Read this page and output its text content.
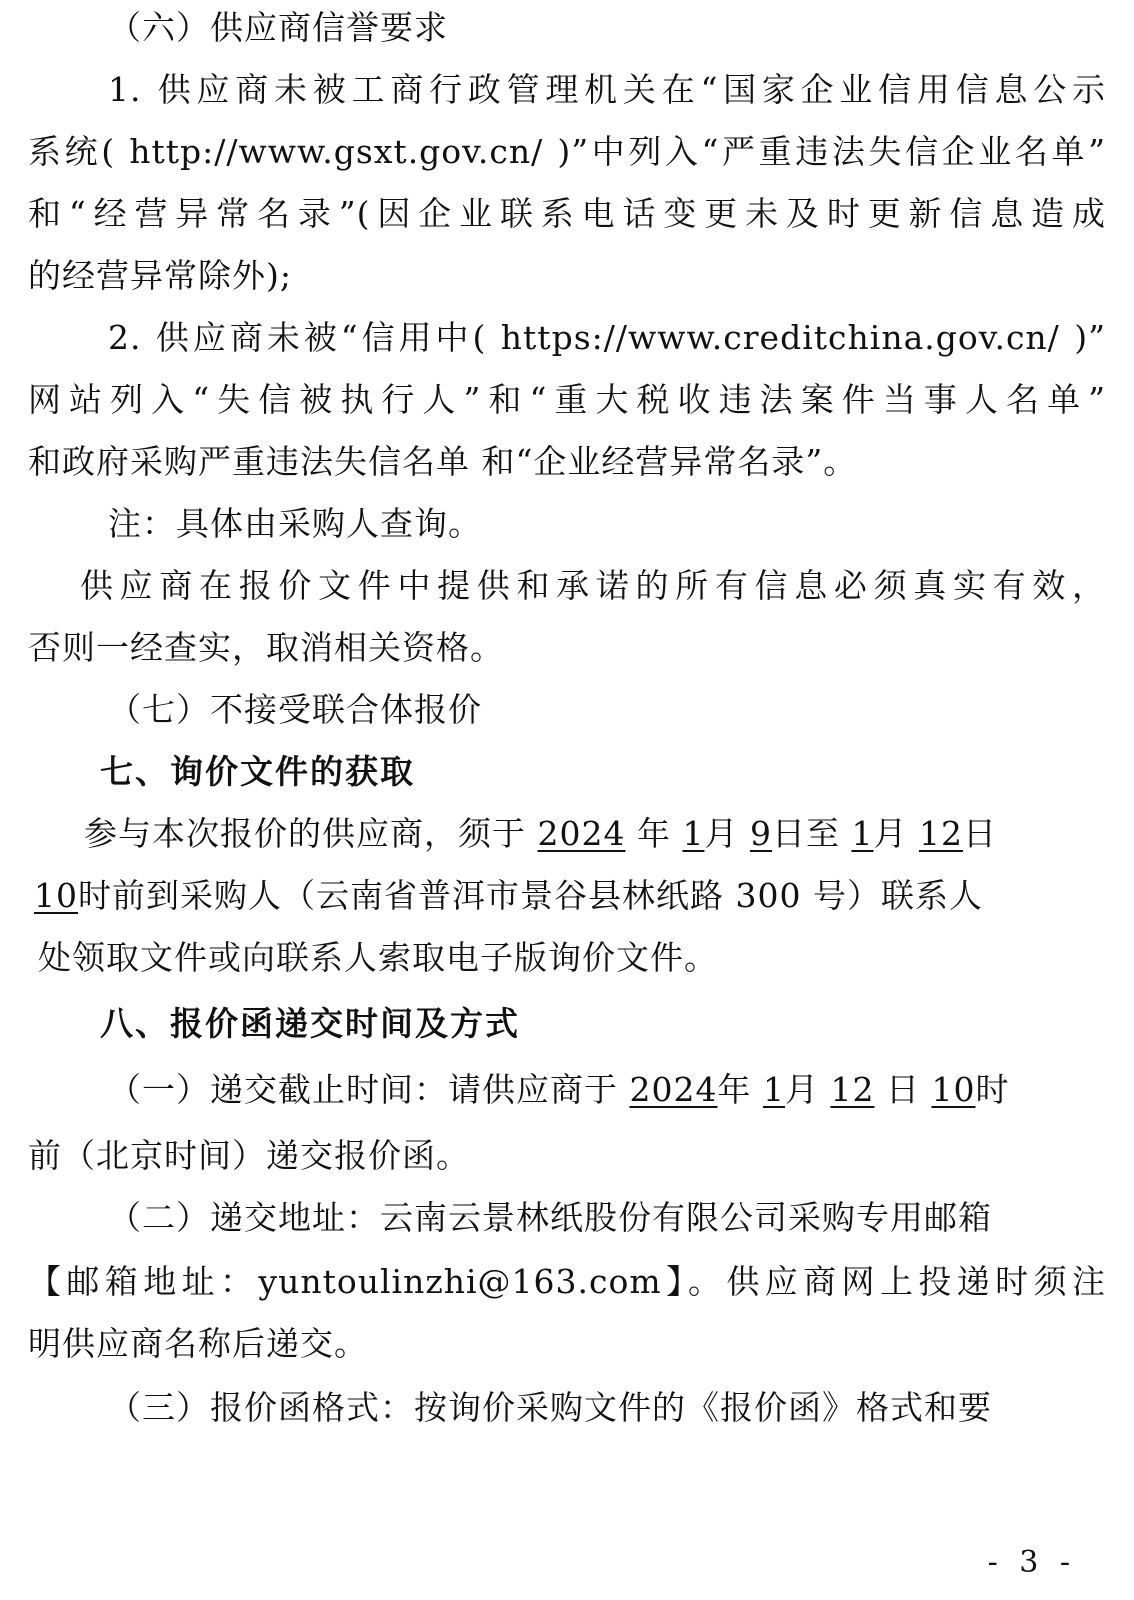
（六）供应商信誉要求
1. 供应商未被工商行政管理机关在“国家企业信用信息公示
系统( http://www.gsxt.gov.cn/ )”中列入“严重违法失信企业名单”
和“经营异常名录”(因企业联系电话变更未及时更新信息造成
的经营异常除外);
2. 供应商未被“信用中( https://www.creditchina.gov.cn/ )”
网站列入“失信被执行人”和“重大税收违法案件当事人名单”
和政府采购严重违法失信名单 和“企业经营异常名录”。
注：具体由采购人查询。
供应商在报价文件中提供和承诺的所有信息必须真实有效，
否则一经查实，取消相关资格。
（七）不接受联合体报价
七、询价文件的获取
参与本次报价的供应商，须于 2024 年 1月 9日至 1月 12日
10时前到采购人（云南省普洱市景谷县林纸路 300 号）联系人
处领取文件或向联系人索取电子版询价文件。
八、报价函递交时间及方式
（一）递交截止时间：请供应商于 2024年 1月 12 日 10时
前（北京时间）递交报价函。
（二）递交地址：云南云景林纸股份有限公司采购专用邮箱
【邮箱地址：yuntoulinzhi@163.com】。供应商网上投递时须注
明供应商名称后递交。
（三）报价函格式：按询价采购文件的《报价函》格式和要
- 3 -
